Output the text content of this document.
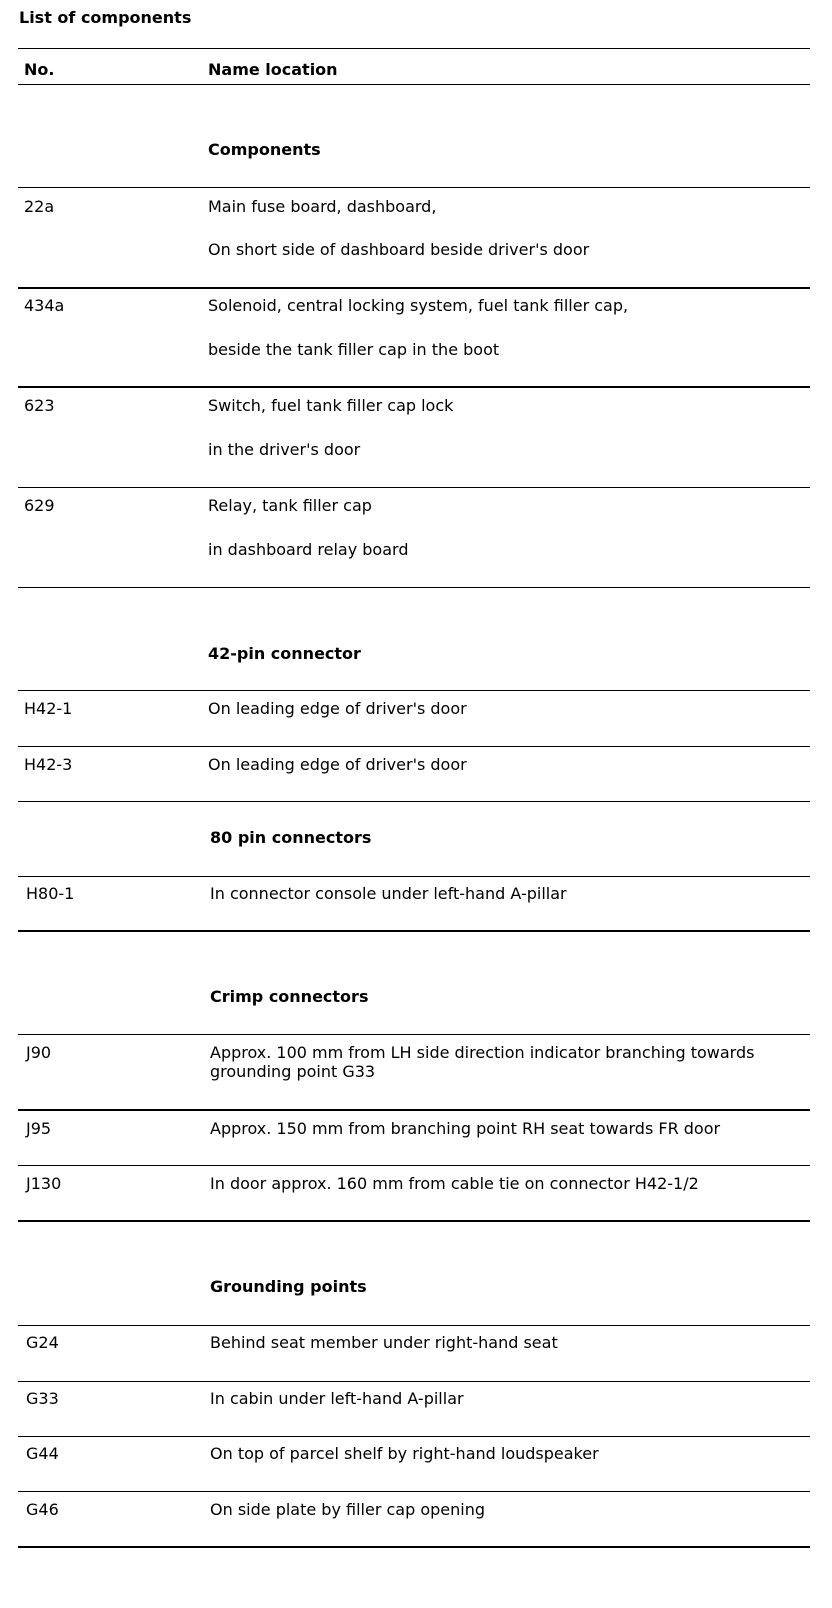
List of components
No.	Name location
Components
22a	Main fuse board, dashboard,
On short side of dashboard beside driver's door
434a	Solenoid, central locking system, fuel tank filler cap,
beside the tank filler cap in the boot
623	Switch, fuel tank filler cap lock
in the driver's door
629	Relay, tank filler cap
in dashboard relay board
42-pin connector
H42-1	On leading edge of driver's door
H42-3	On leading edge of driver's door
80 pin connectors
H80-1	In connector console under left-hand A-pillar
Crimp connectors
J90	Approx. 100 mm from LH side direction indicator branching towards grounding point G33
J95	Approx. 150 mm from branching point RH seat towards FR door
J130	In door approx. 160 mm from cable tie on connector H42-1/2
Grounding points
G24	Behind seat member under right-hand seat
G33	In cabin under left-hand A-pillar
G44	On top of parcel shelf by right-hand loudspeaker
G46	On side plate by filler cap opening
